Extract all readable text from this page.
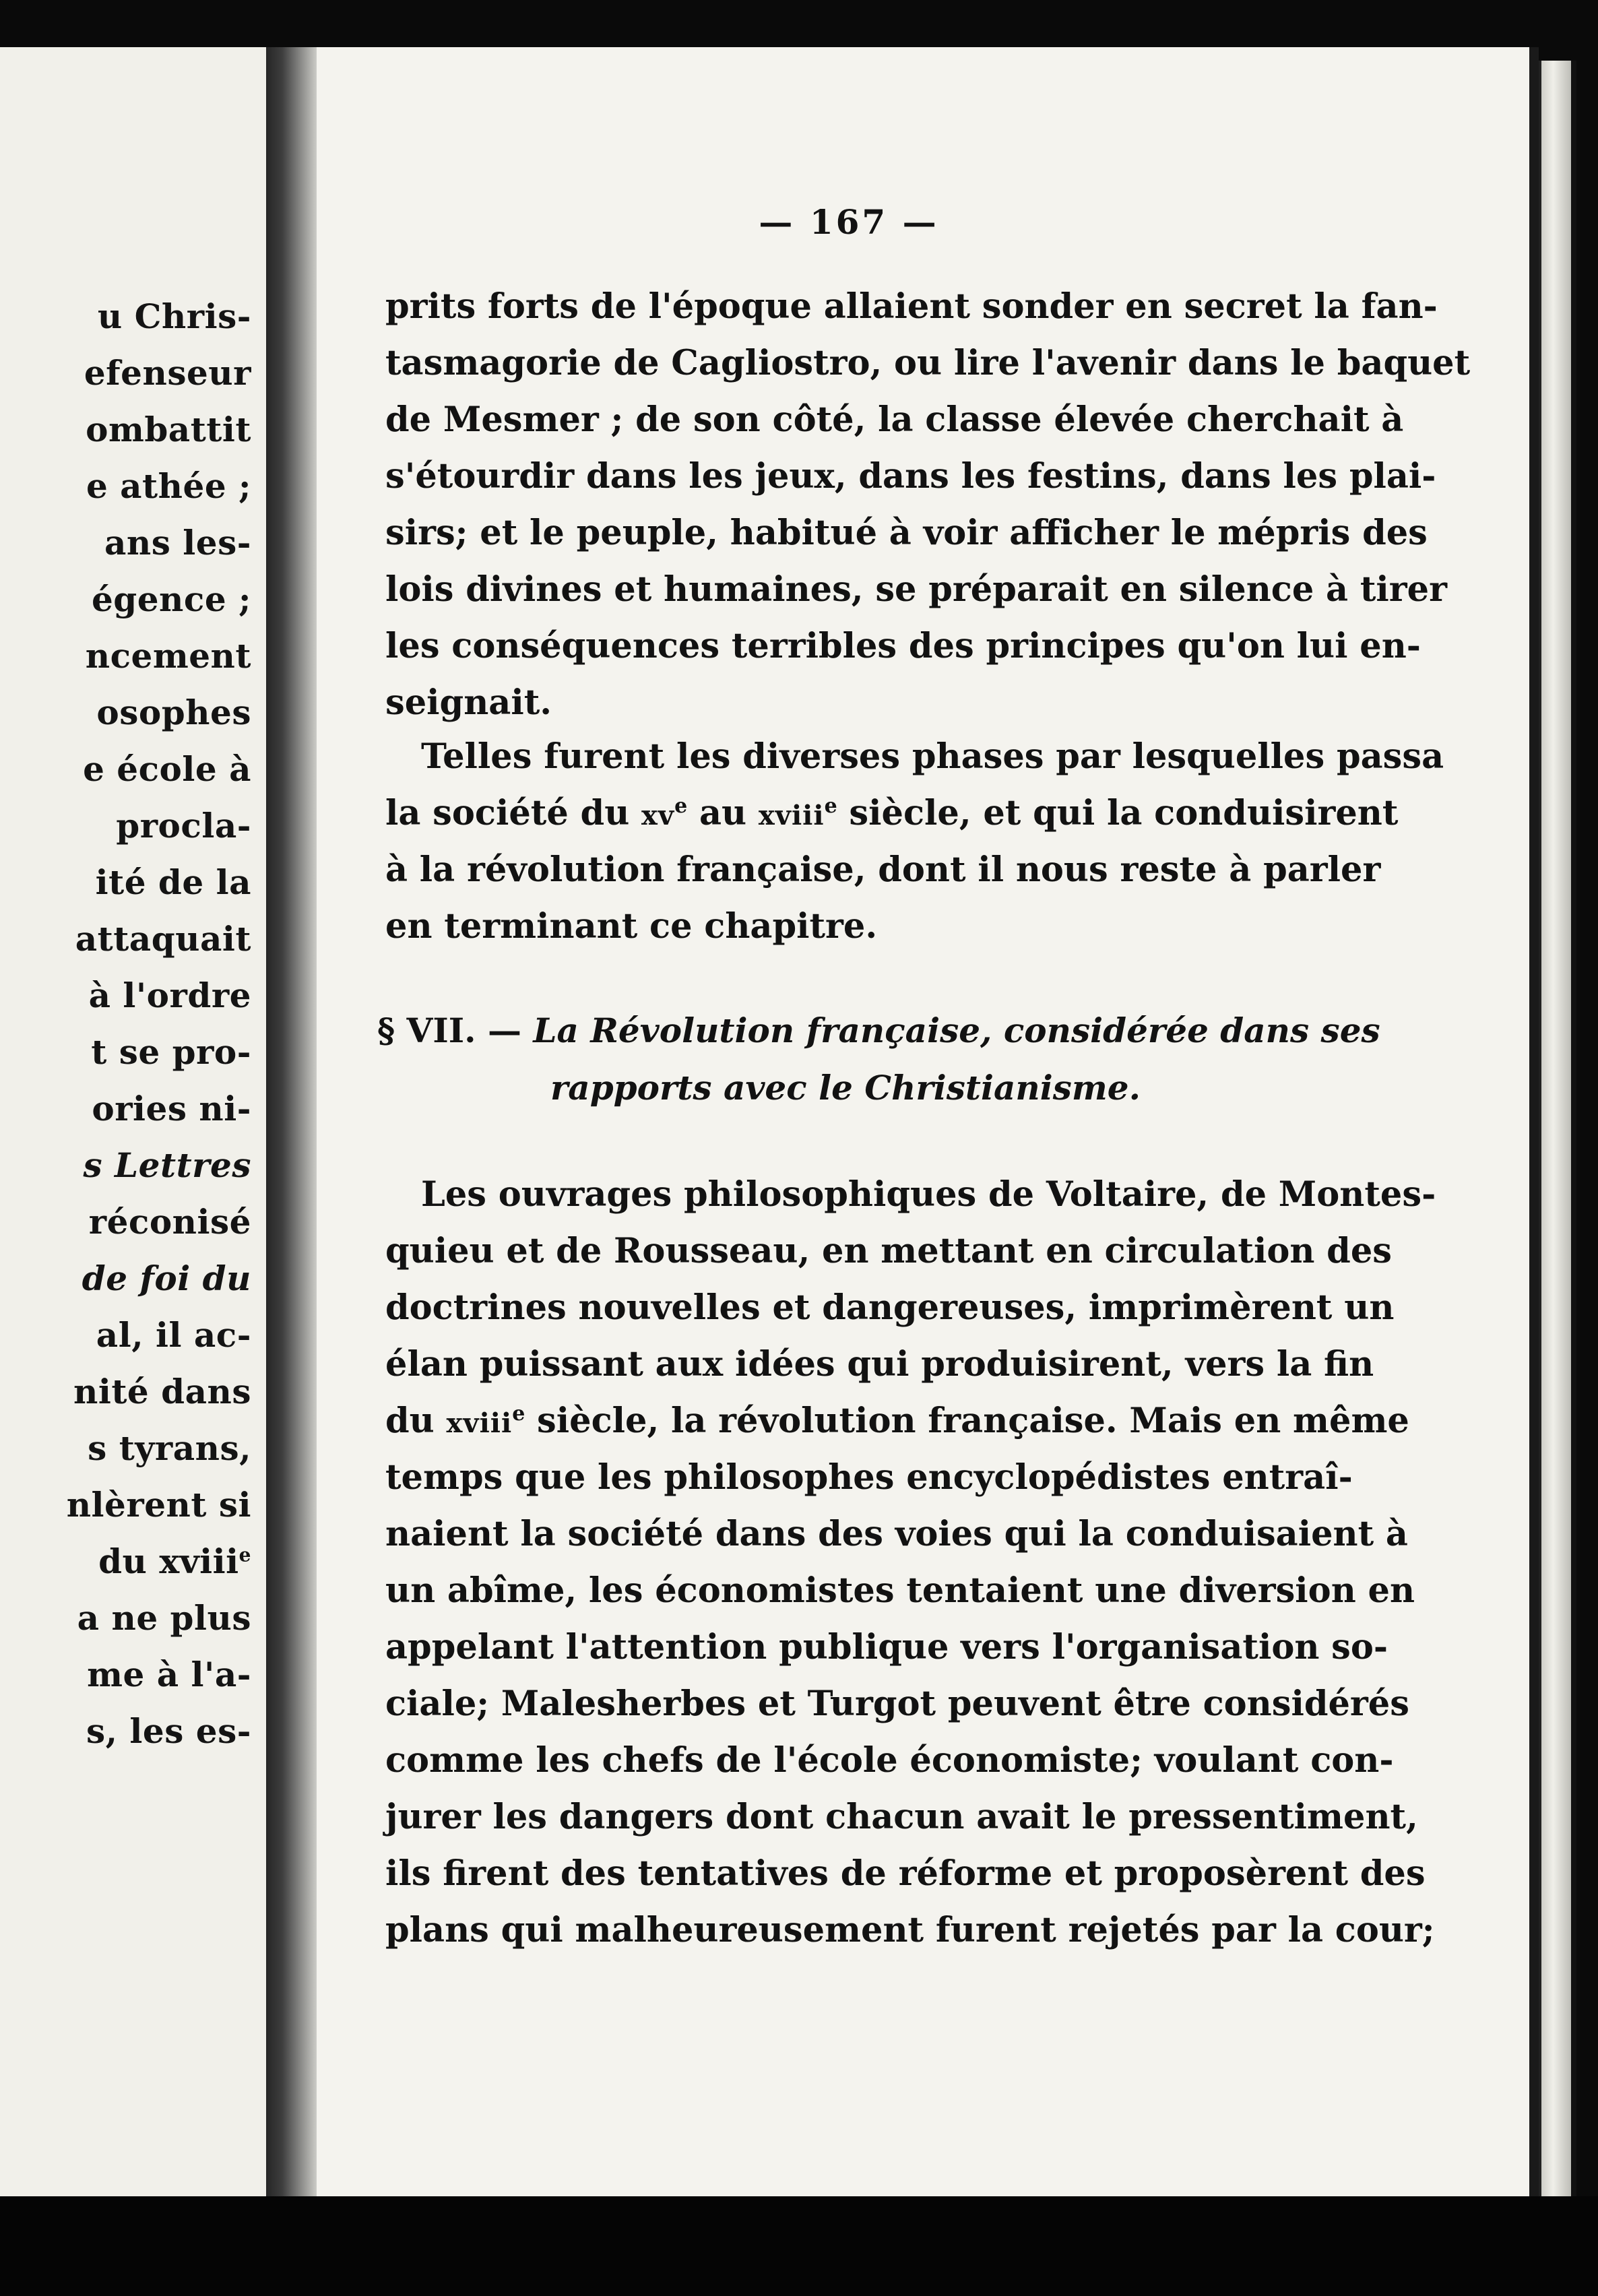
u Chris-
efenseur
ombattit
e athée ;
ans les-
égence ;
ncement
osophes
e école à
procla-
ité de la
attaquait
à l'ordre
t se pro-
ories ni-
s Lettres
réconisé
de foi du
al, il ac-
nité dans
s tyrans,
nlèrent si
du xviii$^e$
a ne plus
me à l'a-
s, les es-
— 167 —
prits forts de l'époque allaient sonder en secret la fan-
tasmagorie de Cagliostro, ou lire l'avenir dans le baquet
de Mesmer ; de son côté, la classe élevée cherchait à
s'étourdir dans les jeux, dans les festins, dans les plai-
sirs; et le peuple, habitué à voir afficher le mépris des
lois divines et humaines, se préparait en silence à tirer
les conséquences terribles des principes qu'on lui en-
seignait.
Telles furent les diverses phases par lesquelles passa
la société du $xv^e$ au xviii$^e$ siècle, et qui la conduisirent
à la révolution française, dont il nous reste à parler
en terminant ce chapitre.
§ VII. — La Révolution française, considérée dans ses
rapports avec le Christianisme.
Les ouvrages philosophiques de Voltaire, de Montes-
quieu et de Rousseau, en mettant en circulation des
doctrines nouvelles et dangereuses, imprimèrent un
élan puissant aux idées qui produisirent, vers la fin
du xviii$^e$ siècle, la révolution française. Mais en même
temps que les philosophes encyclopédistes entraî-
naient la société dans des voies qui la conduisaient à
un abîme, les économistes tentaient une diversion en
appelant l'attention publique vers l'organisation so-
ciale; Malesherbes et Turgot peuvent être considérés
comme les chefs de l'école économiste; voulant con-
jurer les dangers dont chacun avait le pressentiment,
ils firent des tentatives de réforme et proposèrent des
plans qui malheureusement furent rejetés par la cour;
